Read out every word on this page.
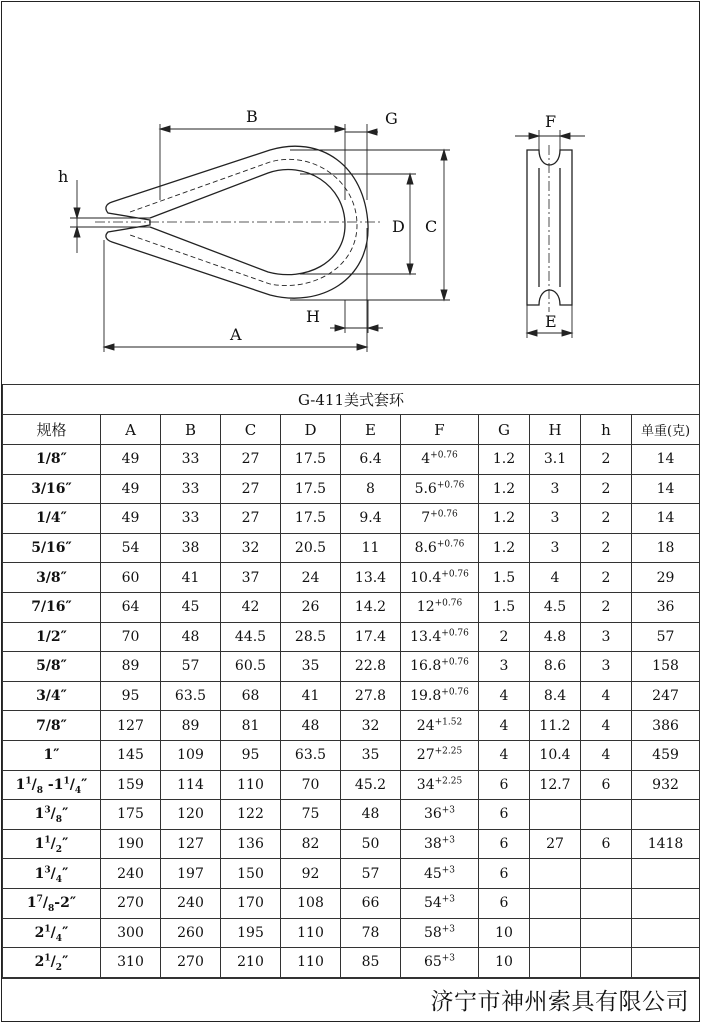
A
B	G
C
D
H
h
F
E
G-411美式套环										
规格	A	B	C	D	E	F	G	H	h	单重(克)
1/8″	49	33	27	17.5	6.4	$4^{+0.76}$	1.2	3.1	2	14
3/16″	49	33	27	17.5	8	$5.6^{+0.76}$	1.2	3	2	14
1/4″	49	33	27	17.5	9.4	$7^{+0.76}$	1.2	3	2	14
5/16″	54	38	32	20.5	11	$8.6^{+0.76}$	1.2	3	2	18
3/8″	60	41	37	24	13.4	$10.4^{+0.76}$	1.5	4	2	29
7/16″	64	45	42	26	14.2	$12^{+0.76}$	1.5	4.5	2	36
1/2″	70	48	44.5	28.5	17.4	$13.4^{+0.76}$	2	4.8	3	57
5/8″	89	57	60.5	35	22.8	$16.8^{+0.76}$	3	8.6	3	158
3/4″	95	63.5	68	41	27.8	$19.8^{+0.76}$	4	8.4	4	247
7/8″	127	89	81	48	32	$24^{+1.52}$	4	11.2	4	386
1″	145	109	95	63.5	35	$27^{+2.25}$	4	10.4	4	459
$1^1/_8$ $-1^1/_4''$	159	114	110	70	45.2	$34^{+2.25}$	6	12.7	6	932
$1^3/_8''$	175	120	122	75	48	$36^{+3}$	6			
$1^1/_2''$	190	127	136	82	50	$38^{+3}$	6	27	6	1418
$1^3/_4''$	240	197	150	92	57	$45^{+3}$	6			
$1^7/_8-2''$	270	240	170	108	66	$54^{+3}$	6			
$2^1/_4''$	300	260	195	110	78	$58^{+3}$	10			
$2^1/_2''$	310	270	210	110	85	$65^{+3}$	10			
济宁市神州索具有限公司
